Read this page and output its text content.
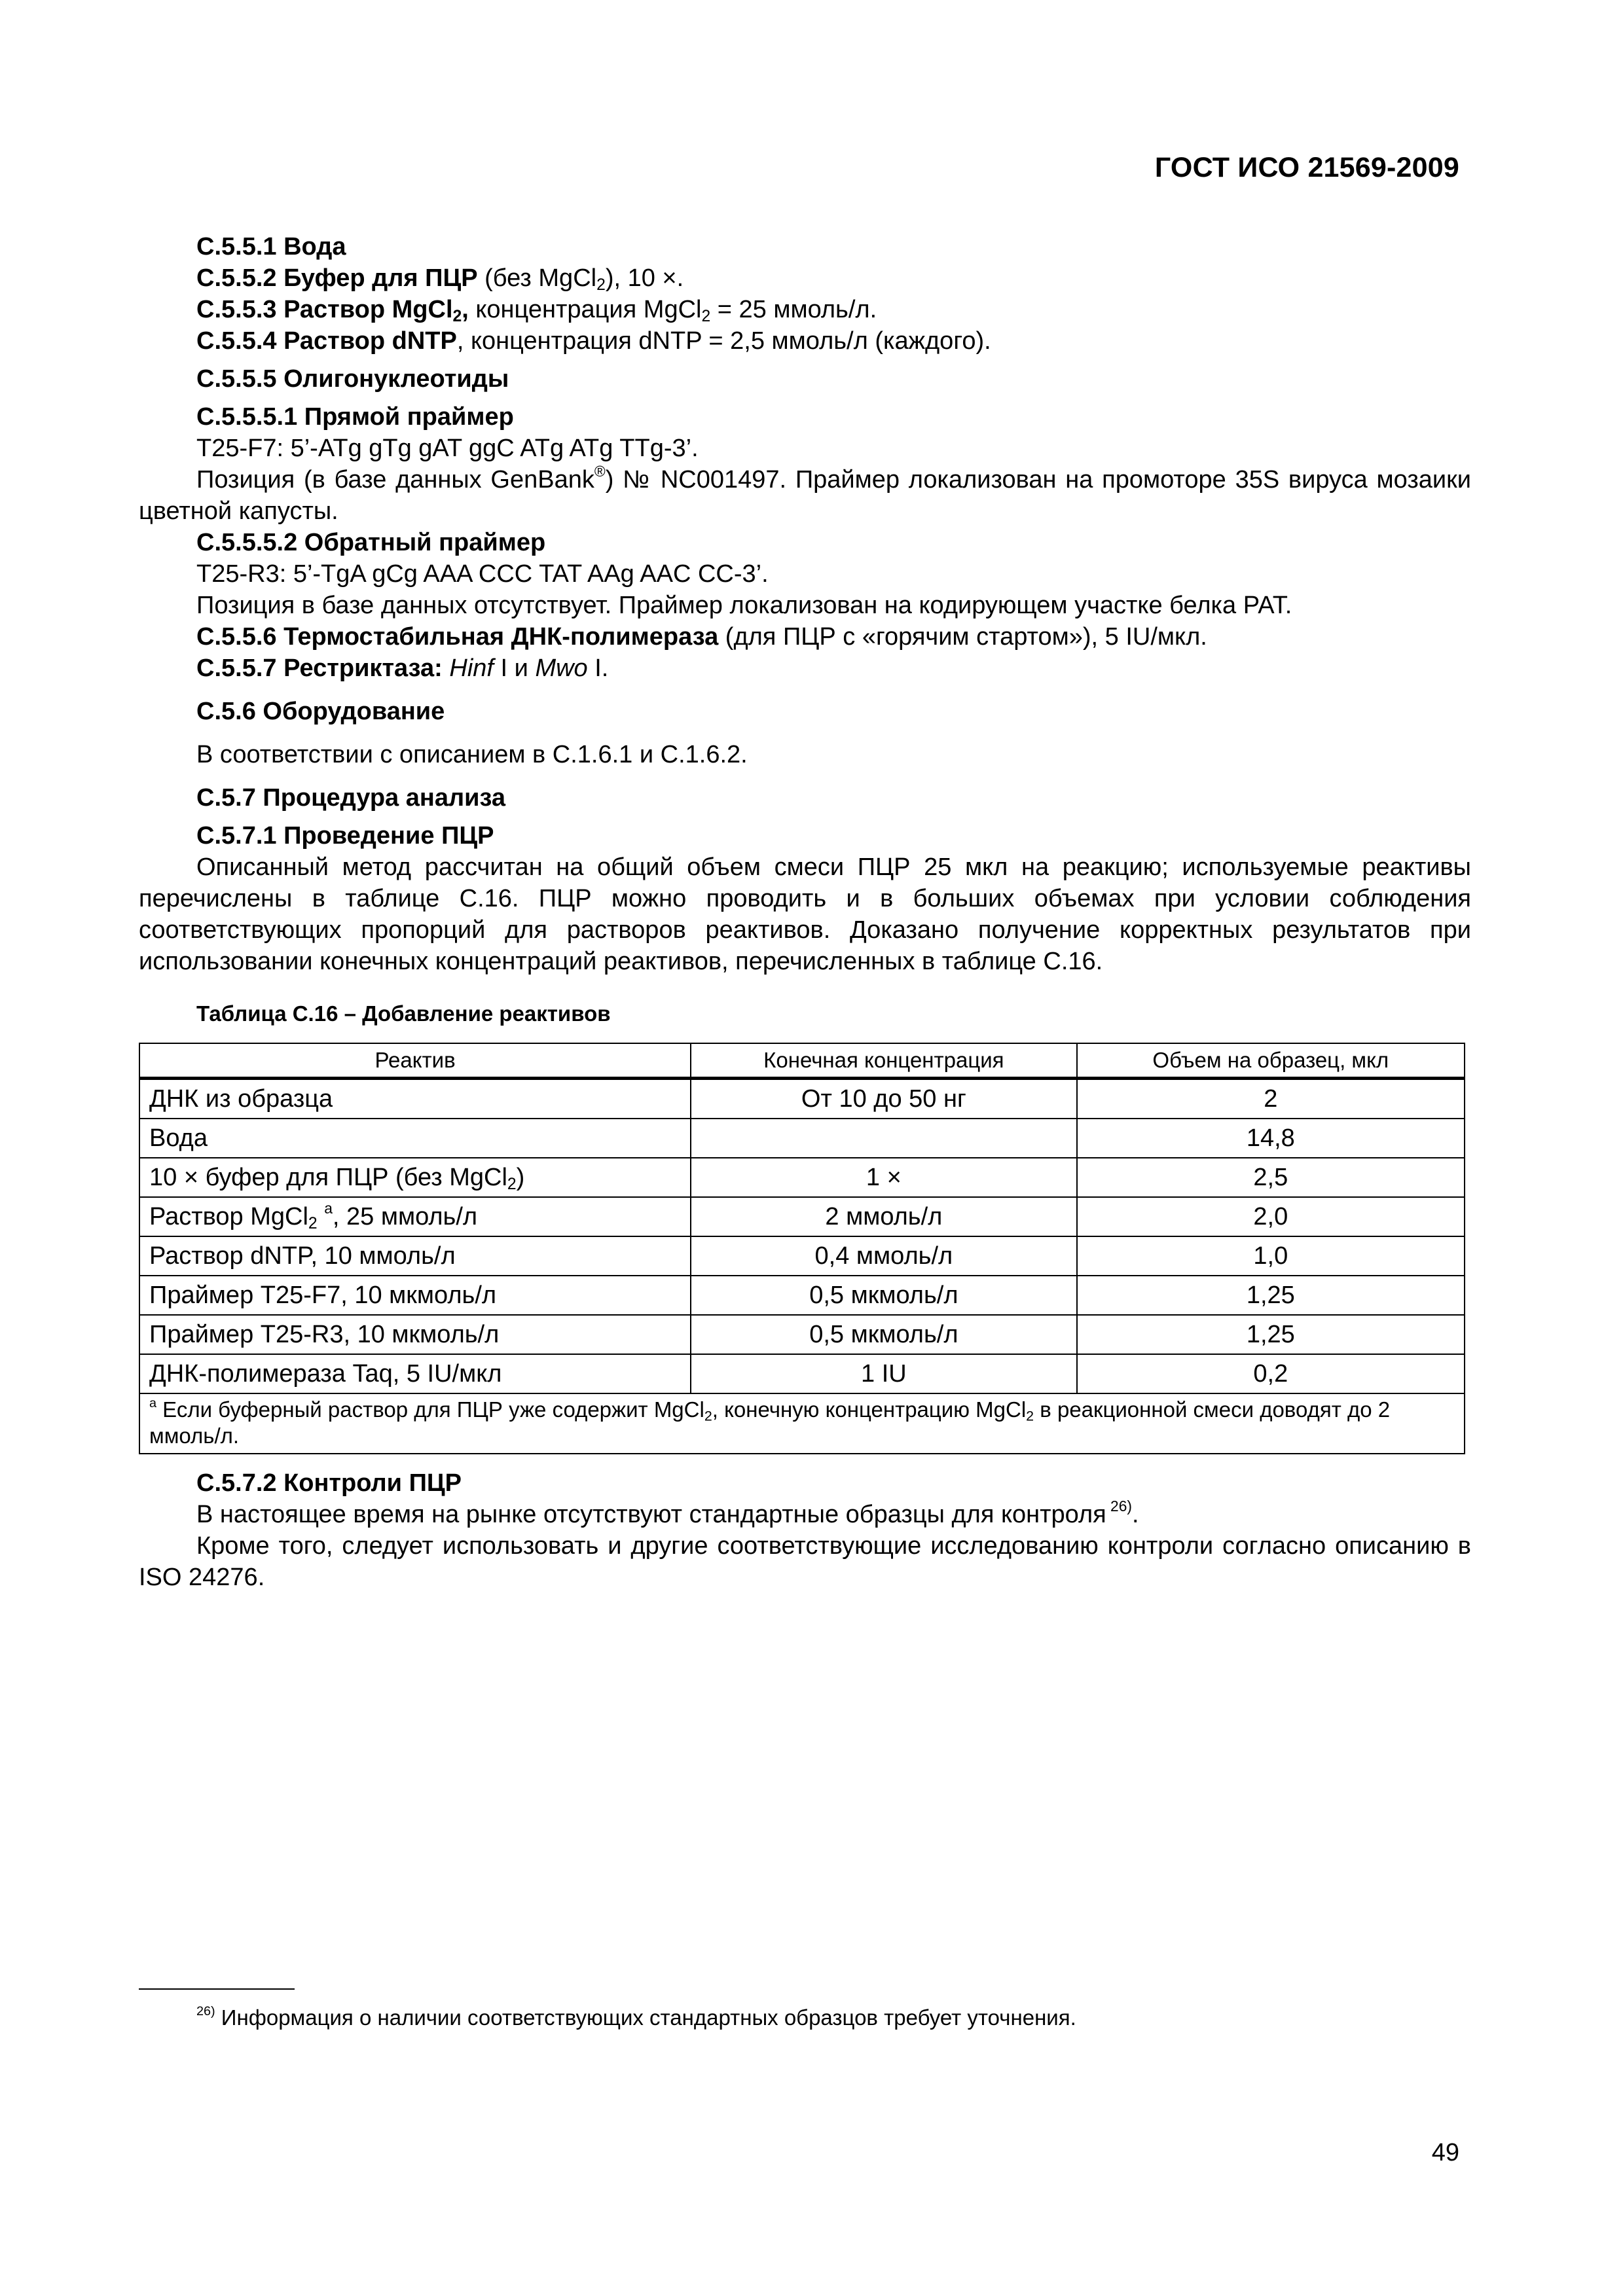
ГОСТ ИСО 21569-2009

С.5.5.1 Вода

С.5.5.2 Буфер для ПЦР (без MgCl$_2$), 10 ×.

С.5.5.3 Раствор MgCl$_2$, концентрация MgCl$_2$ = 25 ммоль/л.

С.5.5.4 Раствор dNTP, концентрация dNTP = 2,5 ммоль/л (каждого).

С.5.5.5 Олигонуклеотиды

С.5.5.5.1 Прямой праймер

T25-F7: 5’-ATg gTg gAT ggC ATg ATg TTg-3’.

Позиция (в базе данных GenBank®) № NC001497. Праймер локализован на промоторе 35S вируса мозаики цветной капусты.

С.5.5.5.2 Обратный праймер

T25-R3: 5’-TgA gCg AAA CCC TAT AAg AAC CC-3’.

Позиция в базе данных отсутствует. Праймер локализован на кодирующем участке белка PAT.

С.5.5.6 Термостабильная ДНК-полимераза (для ПЦР с «горячим стартом»), 5 IU/мкл.

С.5.5.7 Рестриктаза: Hinf I и Mwo I.

С.5.6 Оборудование

В соответствии с описанием в С.1.6.1 и С.1.6.2.

С.5.7 Процедура анализа

С.5.7.1 Проведение ПЦР

Описанный метод рассчитан на общий объем смеси ПЦР 25 мкл на реакцию; используемые реактивы перечислены в таблице С.16. ПЦР можно проводить и в больших объемах при условии соблюдения соответствующих пропорций для растворов реактивов. Доказано получение корректных результатов при использовании конечных концентраций реактивов, перечисленных в таблице С.16.

Таблица С.16 – Добавление реактивов
Реактив	Конечная концентрация	Объем на образец, мкл
ДНК из образца	От 10 до 50 нг	2
Вода		14,8
10 × буфер для ПЦР (без MgCl$_2$)	1 ×	2,5
Раствор MgCl$_2$ $^a$, 25 ммоль/л	2 ммоль/л	2,0
Раствор dNTP, 10 ммоль/л	0,4 ммоль/л	1,0
Праймер Т25-F7, 10 мкмоль/л	0,5 мкмоль/л	1,25
Праймер Т25-R3, 10 мкмоль/л	0,5 мкмоль/л	1,25
ДНК-полимераза Taq, 5 IU/мкл	1 IU	0,2
$^a$ Если буферный раствор для ПЦР уже содержит MgCl$_2$, конечную концентрацию MgCl$_2$ в реакционной смеси доводят до 2 ммоль/л.		

С.5.7.2 Контроли ПЦР

В настоящее время на рынке отсутствуют стандартные образцы для контроля $^{26)}$.

Кроме того, следует использовать и другие соответствующие исследованию контроли согласно описанию в ISO 24276.

$^{26)}$ Информация о наличии соответствующих стандартных образцов требует уточнения.
49
